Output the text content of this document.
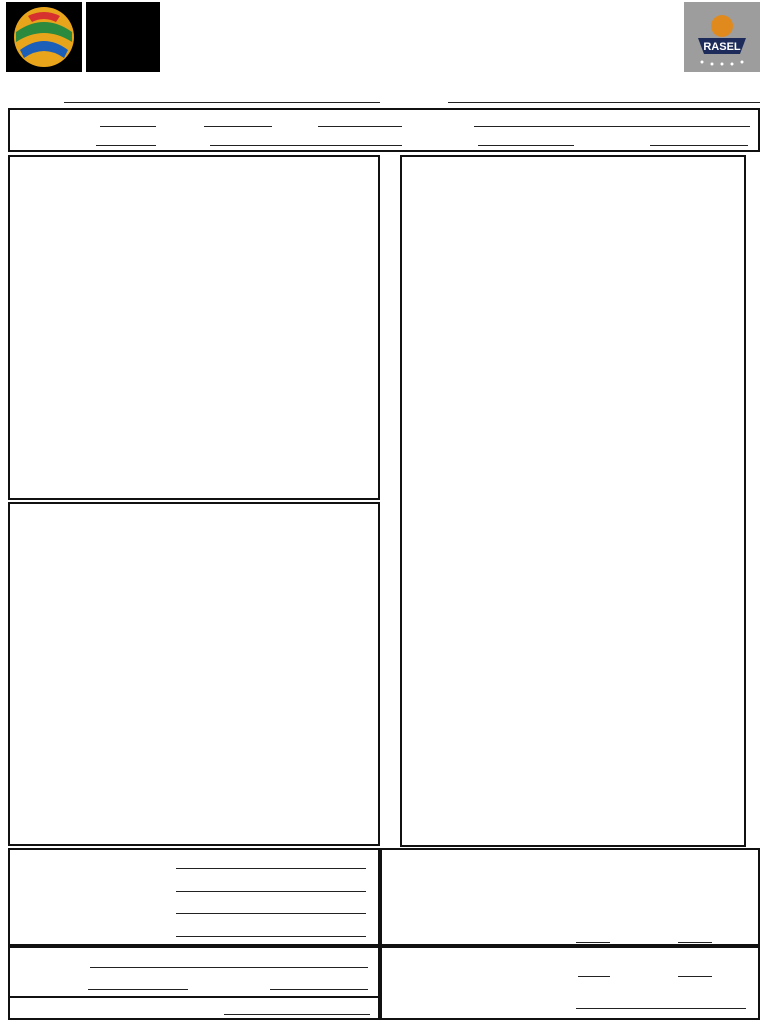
RASEL
